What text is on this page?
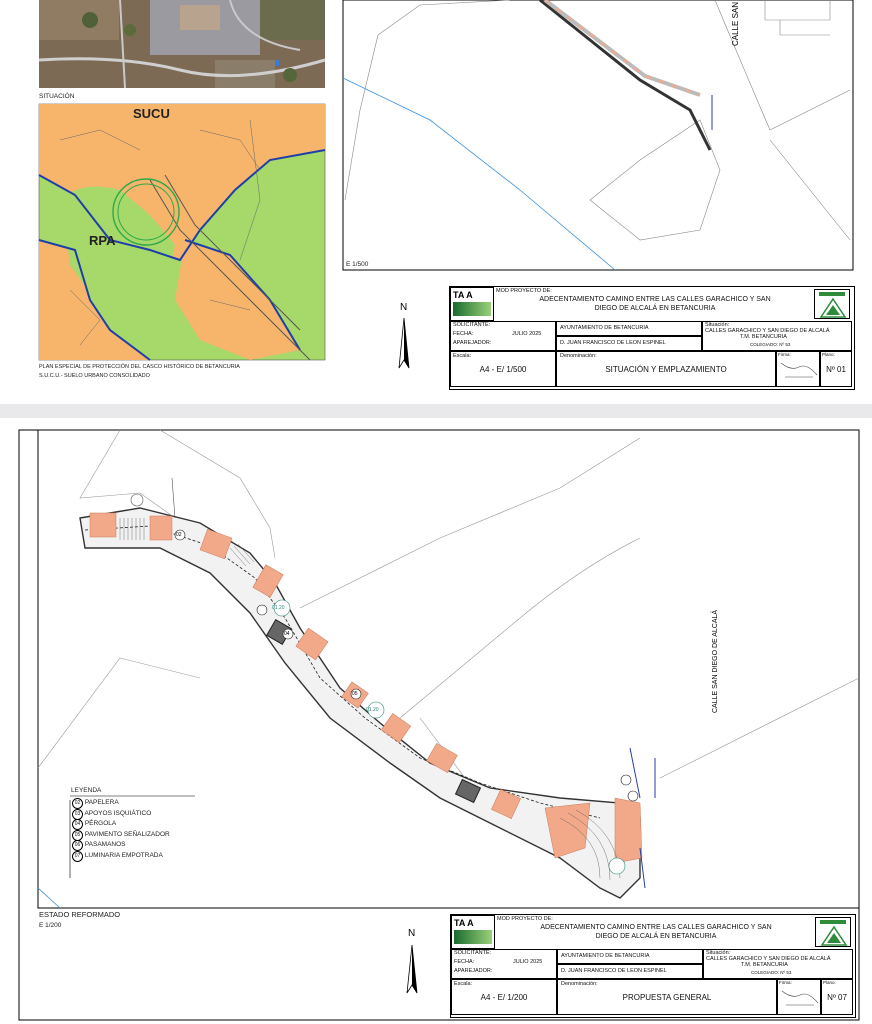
SITUACIÓN
SUCU
RPA
PLAN ESPECIAL DE PROTECCIÓN DEL CASCO HISTÓRICO DE BETANCURIA
S.U.C.U.- SUELO URBANO CONSOLIDADO
E 1/500
CALLE SAN
N
TA A	MOD PROYECTO DE:
ADECENTAMIENTO CAMINO ENTRE LAS CALLES GARACHICO Y SAN
DIEGO DE ALCALÁ EN BETANCURIA
SOLICITANTE:
FECHA:	JULIO 2025
APAREJADOR:
AYUNTAMIENTO DE BETANCURIA
D. JUAN FRANCISCO DE LEON ESPINEL
Situación:
CALLES GARACHICO Y SAN DIEGO DE ALCALÁ
T.M. BETANCURIA
COLEGIADO: Nº 53
Escala:
A4 - E/ 1/500
Denominación:
SITUACIÓN Y EMPLAZAMIENTO
Firma:	Plano:
Nº 01
01.20
01.20
05
04
02
CALLE SAN DIEGO DE ALCALÁ
LEYENDA
02 PAPELERA
03 APOYOS ISQUIÁTICO
04 PÉRGOLA
05 PAVIMENTO SEÑALIZADOR
06 PASAMANOS
07 LUMINARIA EMPOTRADA
ESTADO REFORMADO
E 1/200
N
TA A	MOD PROYECTO DE:
ADECENTAMIENTO CAMINO ENTRE LAS CALLES GARACHICO Y SAN
DIEGO DE ALCALÁ EN BETANCURIA
SOLICITANTE:
FECHA:	JULIO 2025
APAREJADOR:
AYUNTAMIENTO DE BETANCURIA
D. JUAN FRANCISCO DE LEON ESPINEL
Situación:
CALLES GARACHICO Y SAN DIEGO DE ALCALÁ
T.M. BETANCURIA
COLEGIADO: Nº 53
Escala:
A4 - E/ 1/200
Denominación:
PROPUESTA GENERAL
Firma:	Plano:
Nº 07
